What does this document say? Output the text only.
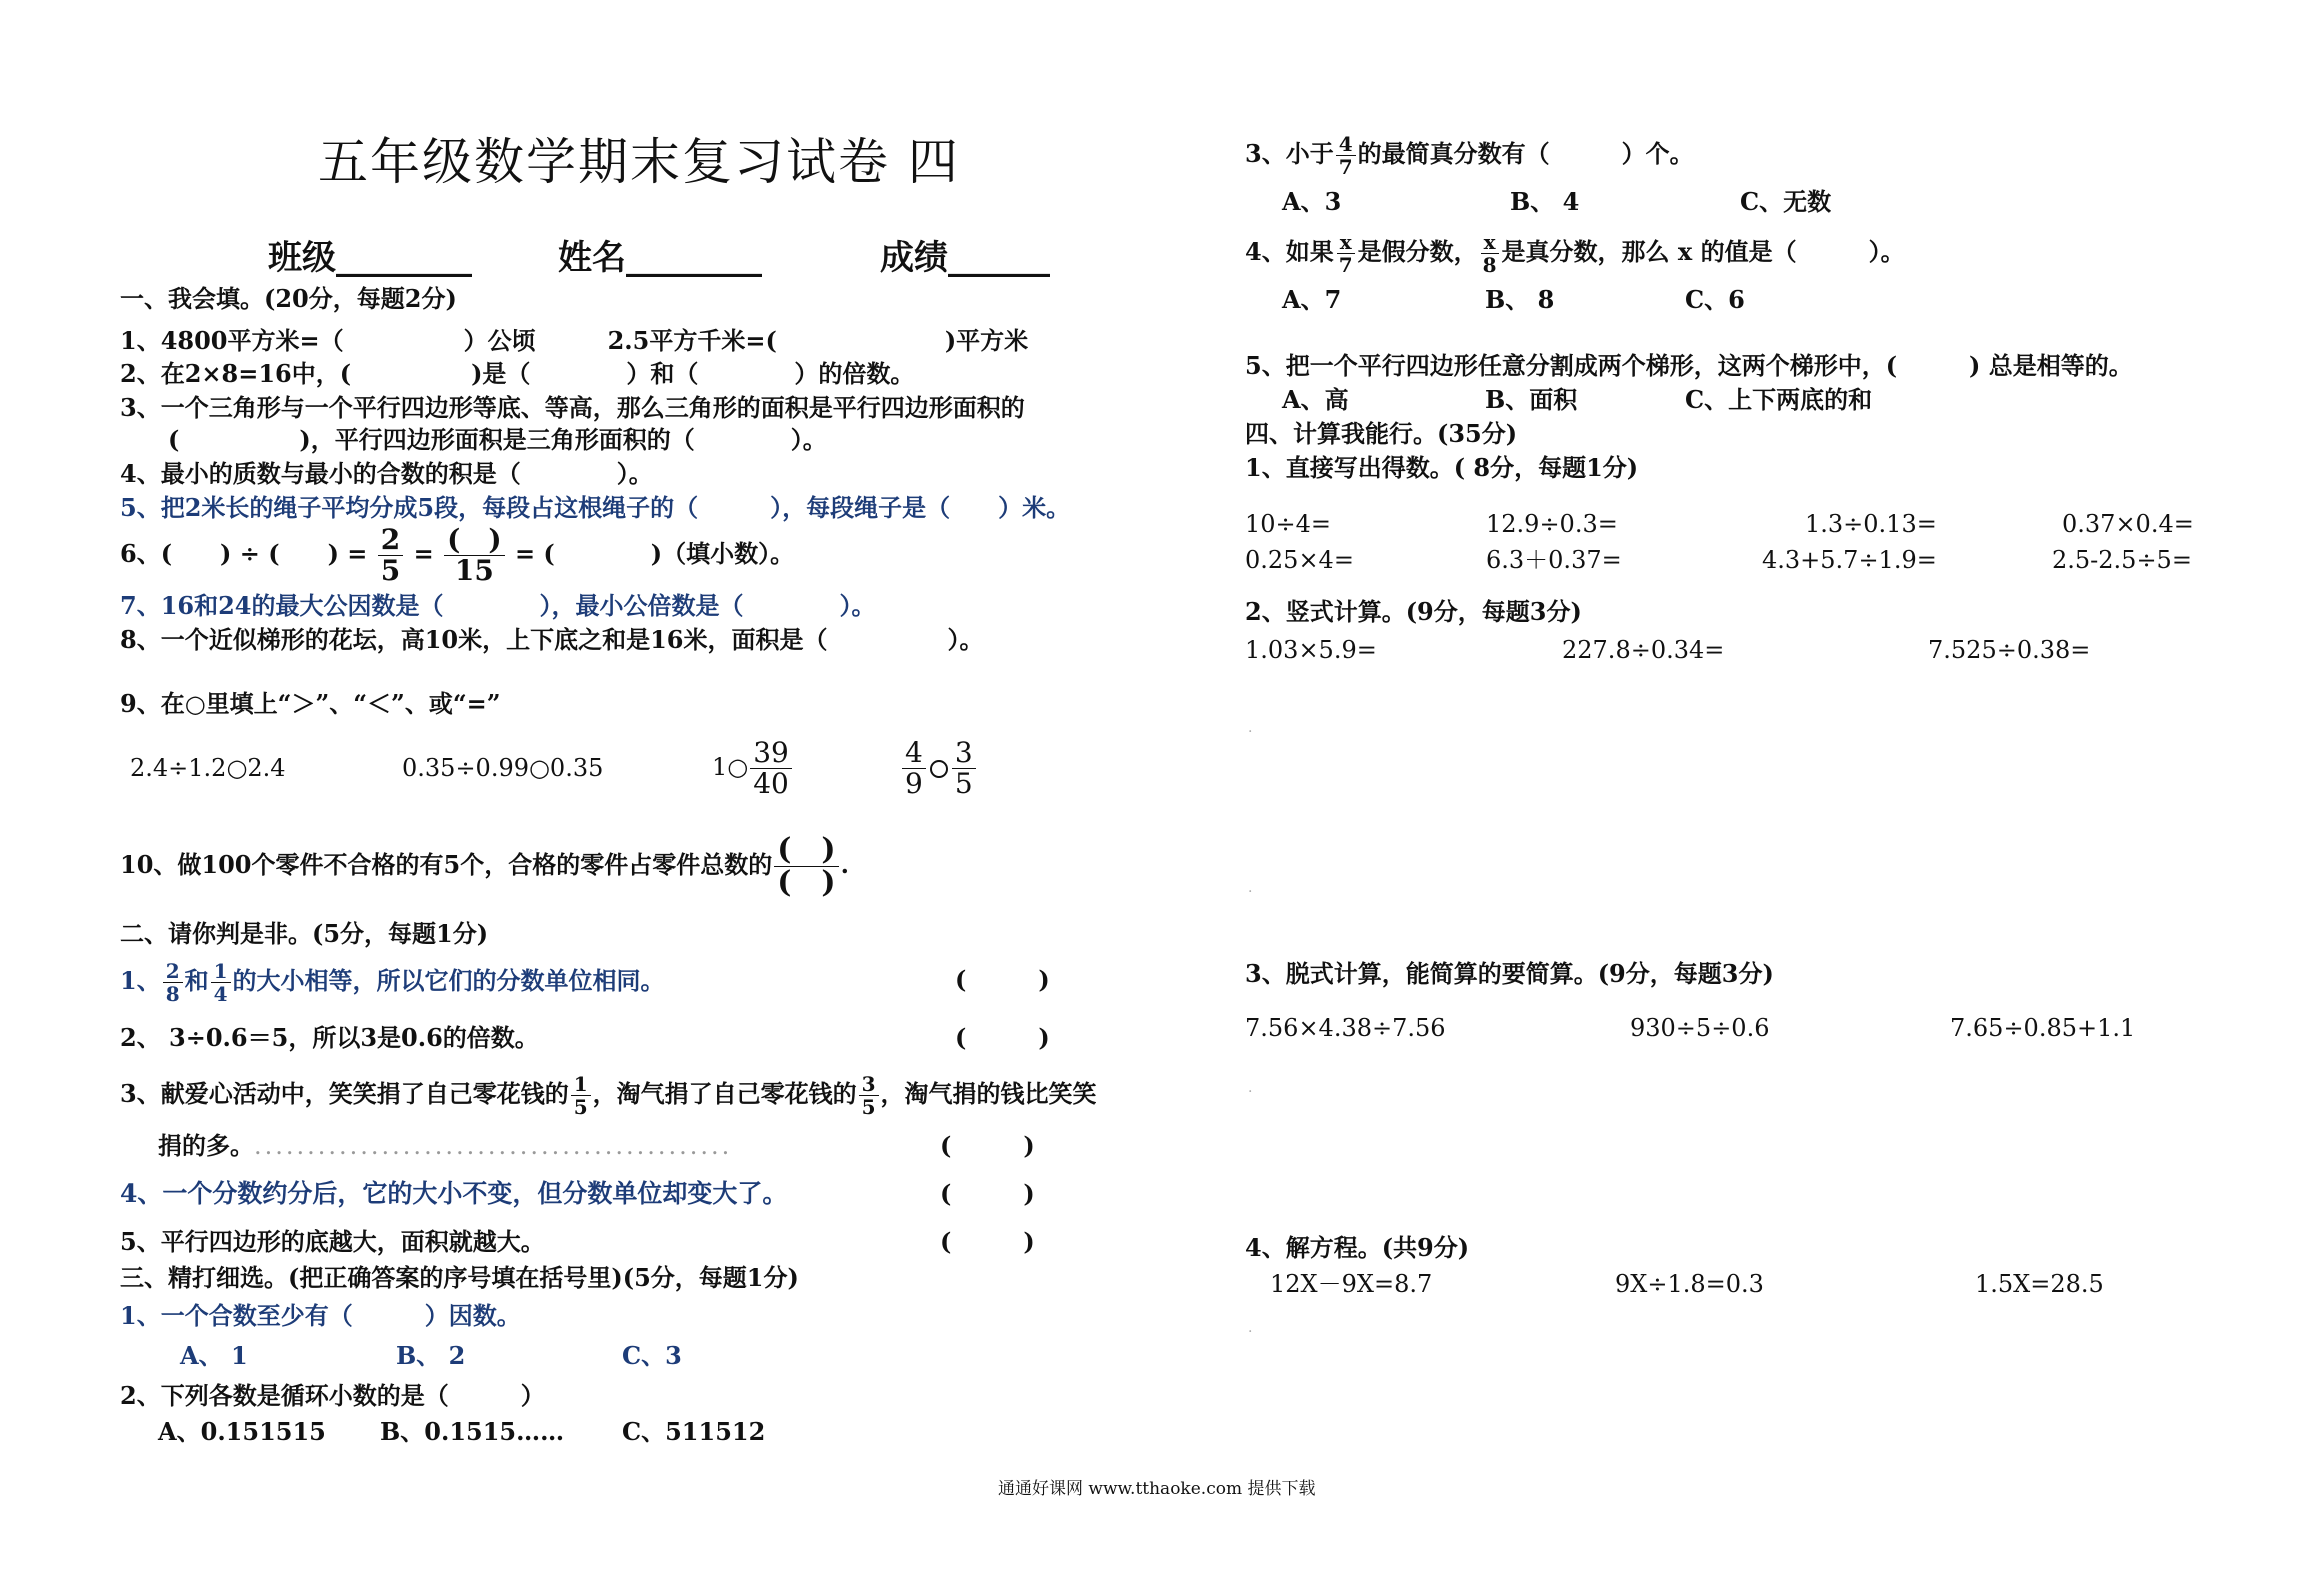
五年级数学期末复习试卷 四
班级________	姓名________	成绩______
一、我会填。(20分，每题2分)
1、4800平方米=（　　　　　）公顷　　　2.5平方千米=(　　　　　　　)平方米
2、在2×8=16中，(　　　　　)是（　　　　）和（　　　　）的倍数。
3、一个三角形与一个平行四边形等底、等高，那么三角形的面积是平行四边形面积的
(　　　　　)，平行四边形面积是三角形面积的（　　　　）。
4、最小的质数与最小的合数的积是（　　　　）。
5、把2米长的绳子平均分成5段，每段占这根绳子的（　　　），每段绳子是（　　）米。
6、(　　) ÷ (　　) = $\frac{2}{5} = \frac{( )}{15}$ = (　　　　)（填小数）。
7、16和24的最大公因数是（　　　　），最小公倍数是（　　　　）。
8、一个近似梯形的花坛，高10米，上下底之和是16米，面积是（　　　　　）。
9、在○里填上“＞”、“＜”、或“=”
2.4÷1.2○2.4	0.35÷0.99○0.35	1○ $\frac{39}{40}$	$\frac{4}{9} \frac{3}{5}$
10、做100个零件不合格的有5个，合格的零件占零件总数的 $\frac{( )}{( )}$ .
二、请你判是非。(5分，每题1分)
1、 $\frac{2}{8}$ 和 $\frac{1}{4}$ 的大小相等，所以它们的分数单位相同。	(　　　)
2、 3÷0.6＝5，所以3是0.6的倍数。	(　　　)
3、献爱心活动中，笑笑捐了自己零花钱的 $\frac{1}{5}$ ，淘气捐了自己零花钱的 $\frac{3}{5}$ ，淘气捐的钱比笑笑
捐的多。.............................................	(　　　)
4、一个分数约分后，它的大小不变，但分数单位却变大了。	(　　　)
5、平行四边形的底越大，面积就越大。	(　　　)
三、精打细选。(把正确答案的序号填在括号里)(5分，每题1分)
1、一个合数至少有（　　　）因数。
A、 1	B、 2	C、3
2、下列各数是循环小数的是（　　　）
A、0.151515 B、0.1515…… C、511512
.
.
.
.
3、小于 $\frac{4}{7}$ 的最简真分数有（　　　）个。
A、3	B、 4	C、无数
4、如果 $\frac{x}{7}$ 是假分数， $\frac{x}{8}$ 是真分数，那么 x 的值是（　　　）。
A、7	B、 8	C、6
5、把一个平行四边形任意分割成两个梯形，这两个梯形中，(　　　) 总是相等的。
A、高	B、面积	C、上下两底的和
四、计算我能行。(35分)
1、直接写出得数。( 8分，每题1分)
10÷4=	12.9÷0.3=	1.3÷0.13=	0.37×0.4=
0.25×4=	6.3＋0.37=	4.3+5.7÷1.9=	2.5-2.5÷5=
2、竖式计算。(9分，每题3分)
1.03×5.9=	227.8÷0.34=	7.525÷0.38=
3、脱式计算，能简算的要简算。(9分，每题3分)
7.56×4.38÷7.56	930÷5÷0.6	7.65÷0.85+1.1
4、解方程。(共9分)
12X－9X=8.7	9X÷1.8=0.3	1.5X=28.5
通通好课网 www.tthaoke.com 提供下载
